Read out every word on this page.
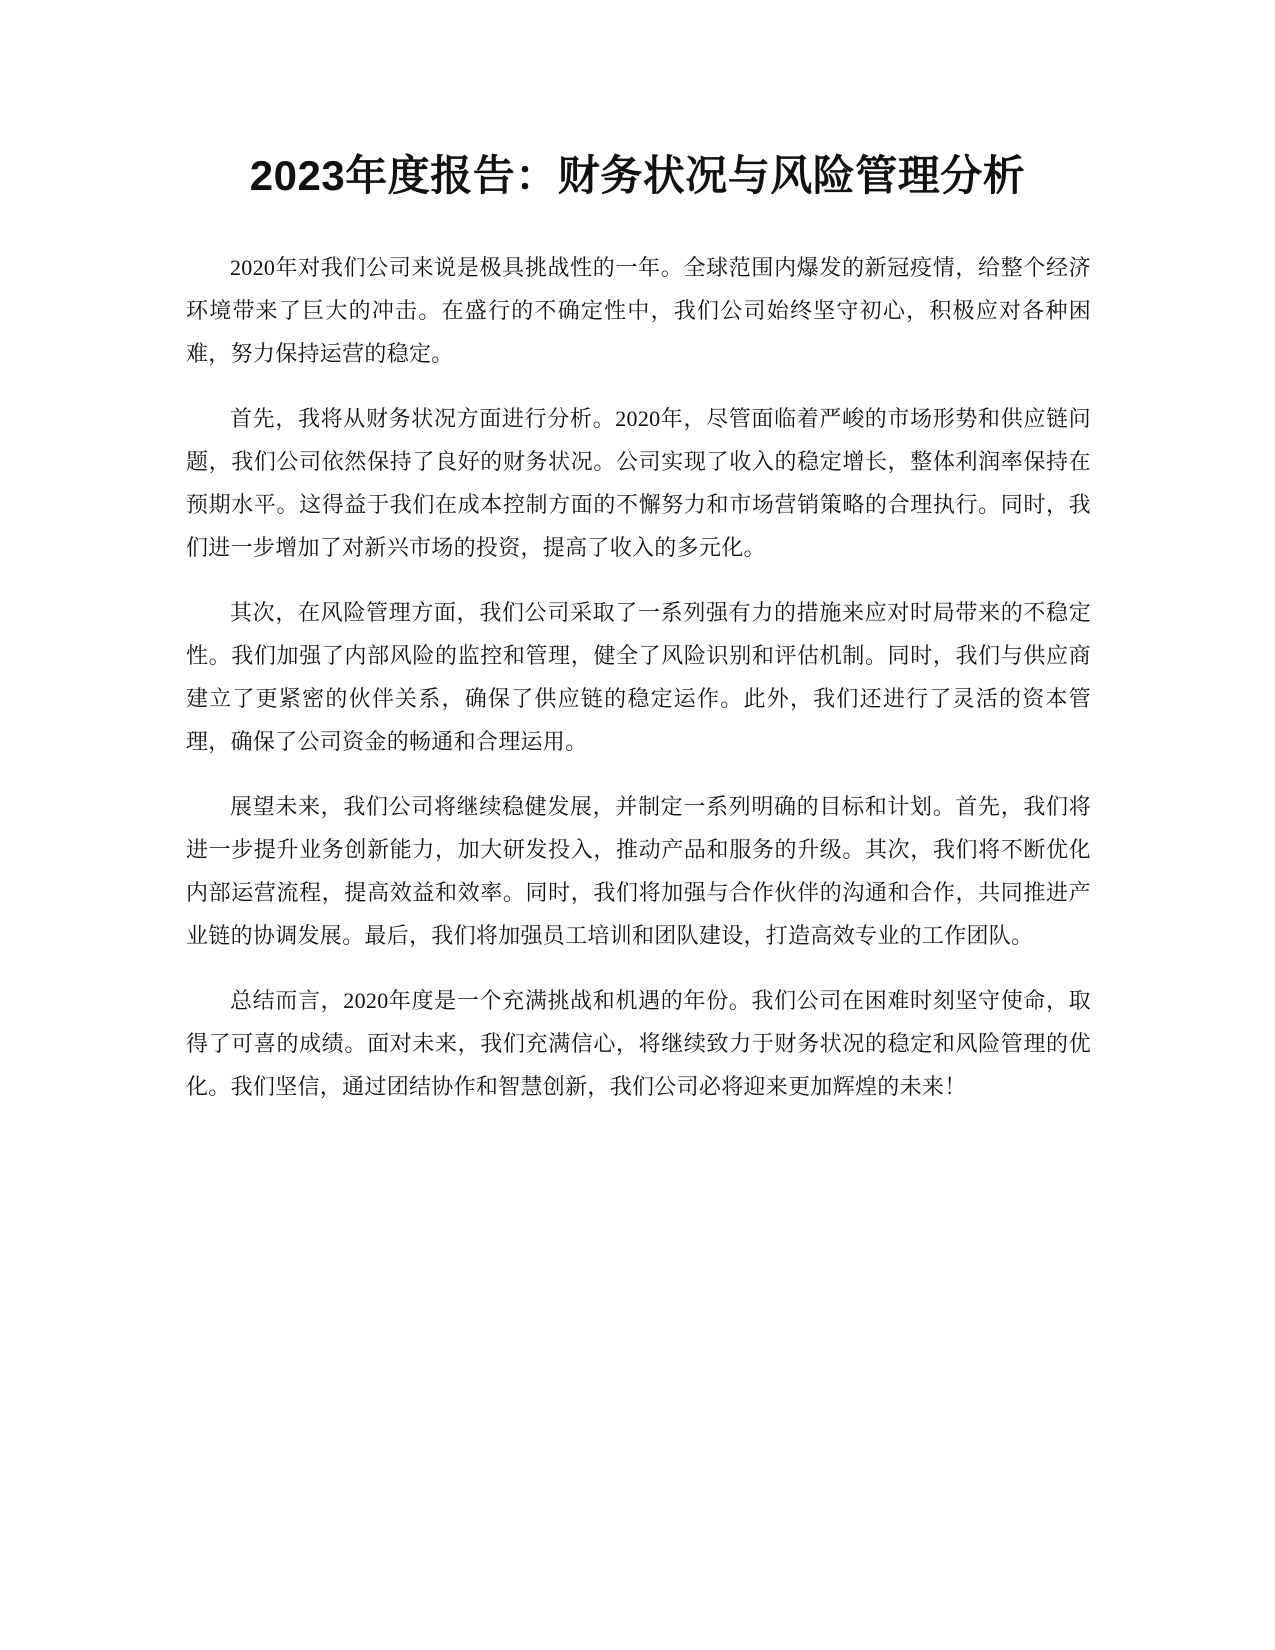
2023年度报告：财务状况与风险管理分析

2020年对我们公司来说是极具挑战性的一年。全球范围内爆发的新冠疫情，给整个经济环境带来了巨大的冲击。在盛行的不确定性中，我们公司始终坚守初心，积极应对各种困难，努力保持运营的稳定。

首先，我将从财务状况方面进行分析。2020年，尽管面临着严峻的市场形势和供应链问题，我们公司依然保持了良好的财务状况。公司实现了收入的稳定增长，整体利润率保持在预期水平。这得益于我们在成本控制方面的不懈努力和市场营销策略的合理执行。同时，我们进一步增加了对新兴市场的投资，提高了收入的多元化。

其次，在风险管理方面，我们公司采取了一系列强有力的措施来应对时局带来的不稳定性。我们加强了内部风险的监控和管理，健全了风险识别和评估机制。同时，我们与供应商建立了更紧密的伙伴关系，确保了供应链的稳定运作。此外，我们还进行了灵活的资本管理，确保了公司资金的畅通和合理运用。

展望未来，我们公司将继续稳健发展，并制定一系列明确的目标和计划。首先，我们将进一步提升业务创新能力，加大研发投入，推动产品和服务的升级。其次，我们将不断优化内部运营流程，提高效益和效率。同时，我们将加强与合作伙伴的沟通和合作，共同推进产业链的协调发展。最后，我们将加强员工培训和团队建设，打造高效专业的工作团队。

总结而言，2020年度是一个充满挑战和机遇的年份。我们公司在困难时刻坚守使命，取得了可喜的成绩。面对未来，我们充满信心，将继续致力于财务状况的稳定和风险管理的优化。我们坚信，通过团结协作和智慧创新，我们公司必将迎来更加辉煌的未来！
